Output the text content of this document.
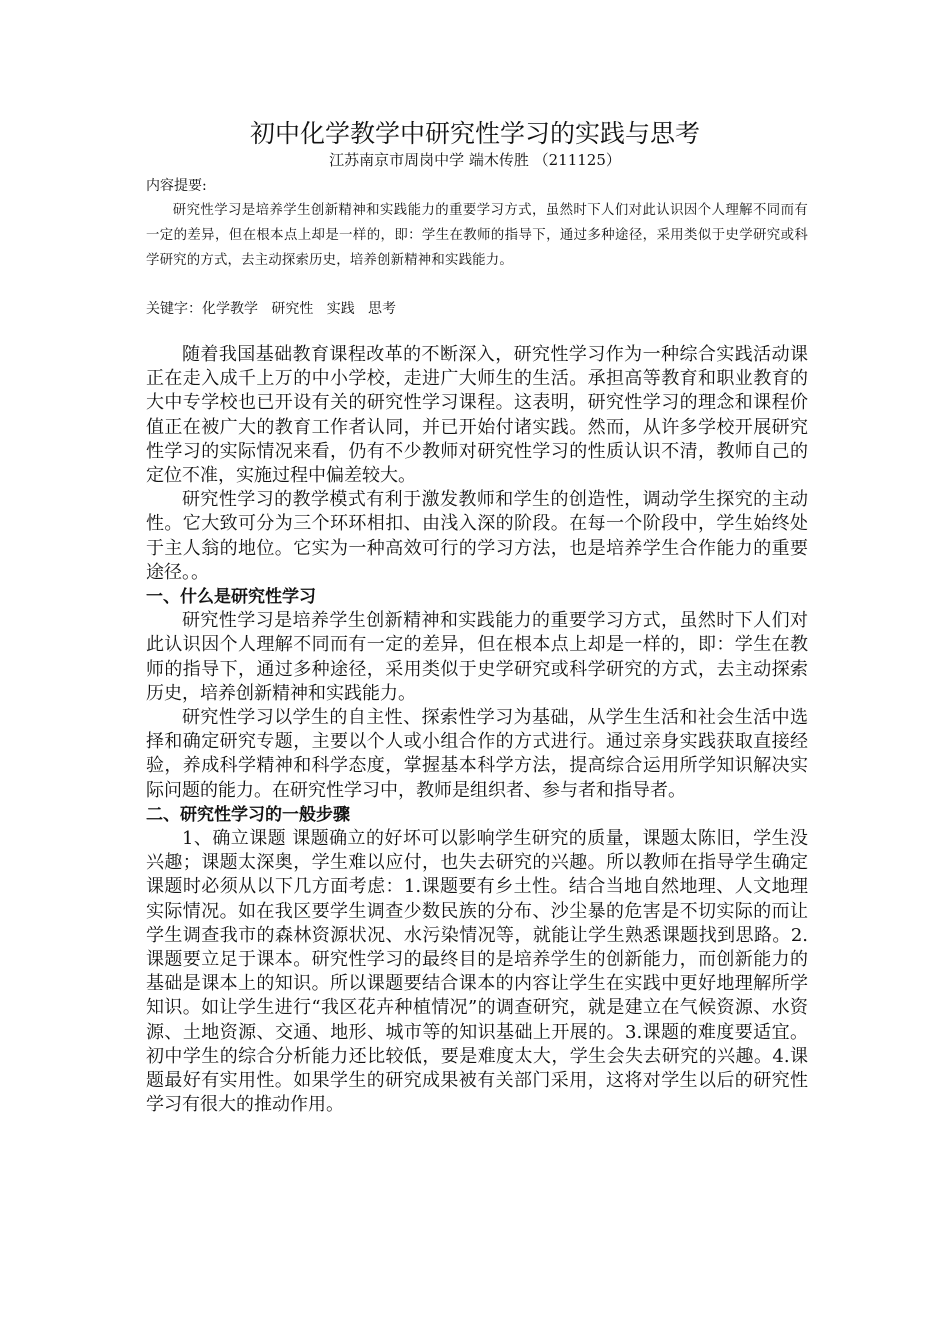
初中化学教学中研究性学习的实践与思考
江苏南京市周岗中学 端木传胜 （211125）
内容提要:

研究性学习是培养学生创新精神和实践能力的重要学习方式，虽然时下人们对此认识因个人理解不同而有一定的差异，但在根本点上却是一样的，即：学生在教师的指导下，通过多种途径，采用类似于史学研究或科学研究的方式，去主动探索历史，培养创新精神和实践能力。

关键字：化学教学   研究性   实践   思考

随着我国基础教育课程改革的不断深入，研究性学习作为一种综合实践活动课正在走入成千上万的中小学校，走进广大师生的生活。承担高等教育和职业教育的大中专学校也已开设有关的研究性学习课程。这表明，研究性学习的理念和课程价值正在被广大的教育工作者认同，并已开始付诸实践。然而，从许多学校开展研究性学习的实际情况来看，仍有不少教师对研究性学习的性质认识不清，教师自己的定位不准，实施过程中偏差较大。

研究性学习的教学模式有利于激发教师和学生的创造性，调动学生探究的主动性。它大致可分为三个环环相扣、由浅入深的阶段。在每一个阶段中，学生始终处于主人翁的地位。它实为一种高效可行的学习方法，也是培养学生合作能力的重要途径。。

一、什么是研究性学习

研究性学习是培养学生创新精神和实践能力的重要学习方式，虽然时下人们对此认识因个人理解不同而有一定的差异，但在根本点上却是一样的，即：学生在教师的指导下，通过多种途径，采用类似于史学研究或科学研究的方式，去主动探索历史，培养创新精神和实践能力。

研究性学习以学生的自主性、探索性学习为基础，从学生生活和社会生活中选择和确定研究专题，主要以个人或小组合作的方式进行。通过亲身实践获取直接经验，养成科学精神和科学态度，掌握基本科学方法，提高综合运用所学知识解决实际问题的能力。在研究性学习中，教师是组织者、参与者和指导者。

二、研究性学习的一般步骤

1、确立课题 课题确立的好坏可以影响学生研究的质量，课题太陈旧，学生没兴趣；课题太深奥，学生难以应付，也失去研究的兴趣。所以教师在指导学生确定课题时必须从以下几方面考虑：1.课题要有乡土性。结合当地自然地理、人文地理实际情况。如在我区要学生调查少数民族的分布、沙尘暴的危害是不切实际的而让学生调查我市的森林资源状况、水污染情况等，就能让学生熟悉课题找到思路。2.课题要立足于课本。研究性学习的最终目的是培养学生的创新能力，而创新能力的基础是课本上的知识。所以课题要结合课本的内容让学生在实践中更好地理解所学知识。如让学生进行“我区花卉种植情况”的调查研究，就是建立在气候资源、水资源、土地资源、交通、地形、城市等的知识基础上开展的。3.课题的难度要适宜。初中学生的综合分析能力还比较低，要是难度太大，学生会失去研究的兴趣。4.课题最好有实用性。如果学生的研究成果被有关部门采用，这将对学生以后的研究性学习有很大的推动作用。
